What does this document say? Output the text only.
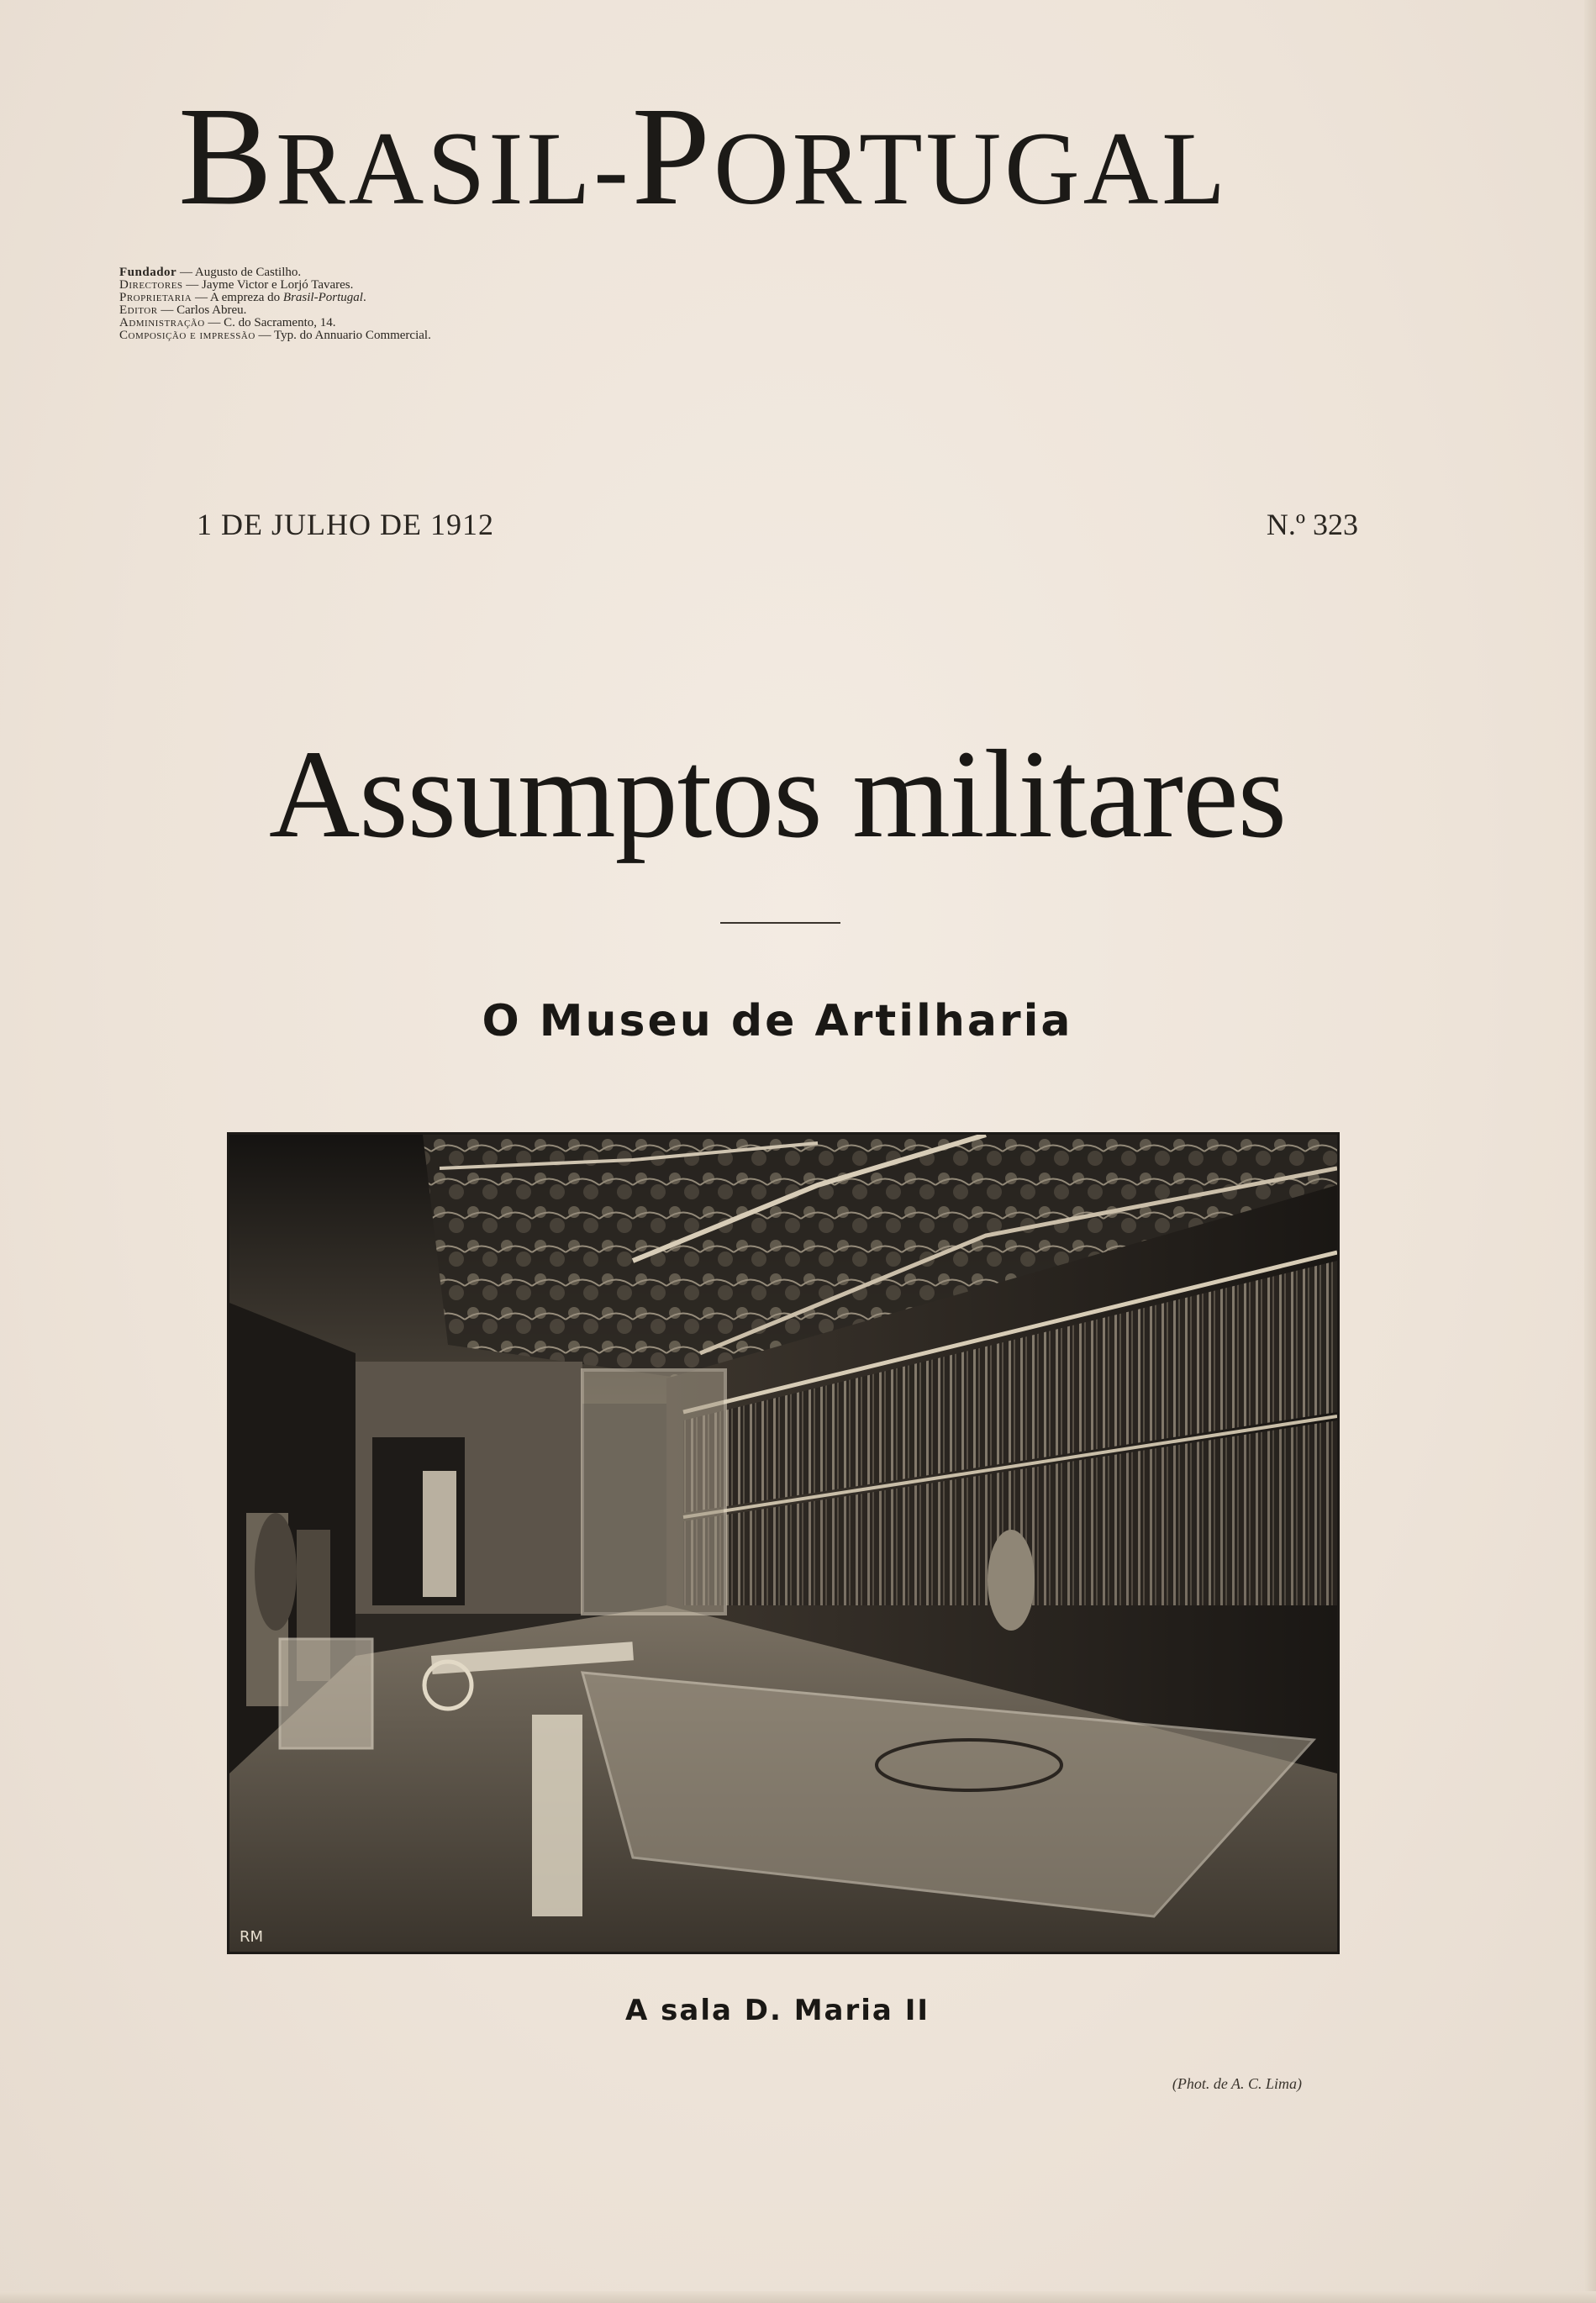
BRASIL-PORTUGAL
Fundador — Augusto de Castilho.
Directores — Jayme Victor e Lorjó Tavares.
Proprietaria — A empreza do Brasil-Portugal.
Editor — Carlos Abreu.
Administração — C. do Sacramento, 14.
Composição e impressão — Typ. do Annuario Commercial.
1 DE JULHO DE 1912	N.º 323
Assumptos militares
O Museu de Artilharia
RM
A sala D. Maria II
(Phot. de A. C. Lima)
